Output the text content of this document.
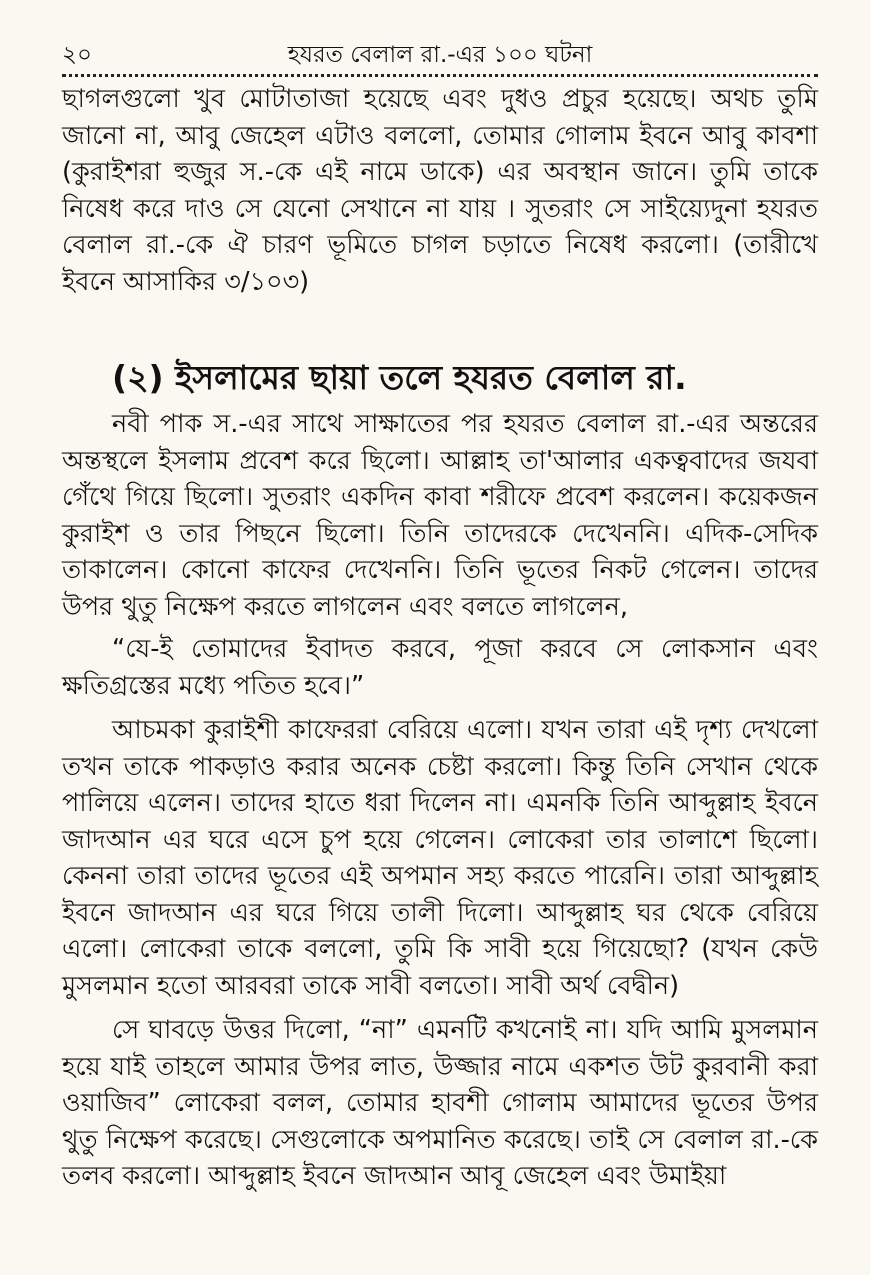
২০	হযরত বেলাল রা.-এর ১০০ ঘটনা

ছাগলগুলো খুব মোটাতাজা হয়েছে এবং দুধও প্রচুর হয়েছে। অথচ তুমি জানো না, আবু জেহেল এটাও বললো, তোমার গোলাম ইবনে আবু কাবশা (কুরাইশরা হুজুর স.-কে এই নামে ডাকে) এর অবস্থান জানে। তুমি তাকে নিষেধ করে দাও সে যেনো সেখানে না যায় । সুতরাং সে সাইয়্যেদুনা হযরত বেলাল রা.-কে ঐ চারণ ভূমিতে চাগল চড়াতে নিষেধ করলো। (তারীখে ইবনে আসাকির ৩/১০৩)

(২) ইসলামের ছায়া তলে হযরত বেলাল রা.

নবী পাক স.-এর সাথে সাক্ষাতের পর হযরত বেলাল রা.-এর অন্তরের অন্তস্থলে ইসলাম প্রবেশ করে ছিলো। আল্লাহ তা'আলার একত্ববাদের জযবা গেঁথে গিয়ে ছিলো। সুতরাং একদিন কাবা শরীফে প্রবেশ করলেন। কয়েকজন কুরাইশ ও তার পিছনে ছিলো। তিনি তাদেরকে দেখেননি। এদিক-সেদিক তাকালেন। কোনো কাফের দেখেননি। তিনি ভূতের নিকট গেলেন। তাদের উপর থুতু নিক্ষেপ করতে লাগলেন এবং বলতে লাগলেন,

“যে-ই তোমাদের ইবাদত করবে, পূজা করবে সে লোকসান এবং ক্ষতিগ্রস্তের মধ্যে পতিত হবে।”

আচমকা কুরাইশী কাফেররা বেরিয়ে এলো। যখন তারা এই দৃশ্য দেখলো তখন তাকে পাকড়াও করার অনেক চেষ্টা করলো। কিন্তু তিনি সেখান থেকে পালিয়ে এলেন। তাদের হাতে ধরা দিলেন না। এমনকি তিনি আব্দুল্লাহ ইবনে জাদআন এর ঘরে এসে চুপ হয়ে গেলেন। লোকেরা তার তালাশে ছিলো। কেননা তারা তাদের ভূতের এই অপমান সহ্য করতে পারেনি। তারা আব্দুল্লাহ ইবনে জাদআন এর ঘরে গিয়ে তালী দিলো। আব্দুল্লাহ ঘর থেকে বেরিয়ে এলো। লোকেরা তাকে বললো, তুমি কি সাবী হয়ে গিয়েছো? (যখন কেউ মুসলমান হতো আরবরা তাকে সাবী বলতো। সাবী অর্থ বেদ্বীন)

সে ঘাবড়ে উত্তর দিলো, “না” এমনটি কখনোই না। যদি আমি মুসলমান হয়ে যাই তাহলে আমার উপর লাত, উজ্জার নামে একশত উট কুরবানী করা ওয়াজিব” লোকেরা বলল, তোমার হাবশী গোলাম আমাদের ভূতের উপর থুতু নিক্ষেপ করেছে। সেগুলোকে অপমানিত করেছে। তাই সে বেলাল রা.-কে তলব করলো। আব্দুল্লাহ ইবনে জাদআন আবূ জেহেল এবং উমাইয়া
